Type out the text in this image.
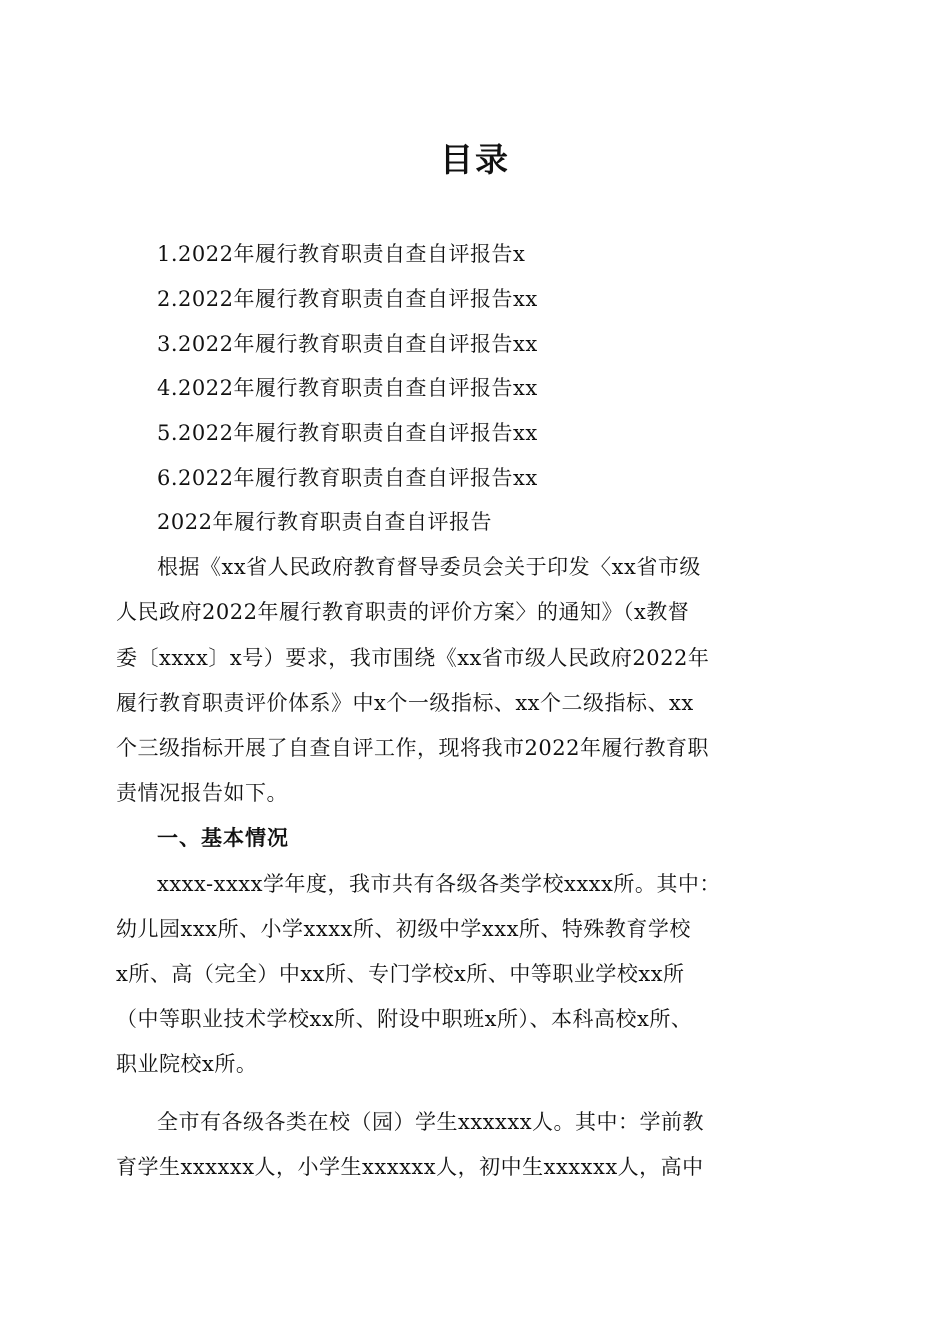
目录
1.2022年履行教育职责自查自评报告x
2.2022年履行教育职责自查自评报告xx
3.2022年履行教育职责自查自评报告xx
4.2022年履行教育职责自查自评报告xx
5.2022年履行教育职责自查自评报告xx
6.2022年履行教育职责自查自评报告xx
2022年履行教育职责自查自评报告
根据《xx省人民政府教育督导委员会关于印发〈xx省市级
人民政府2022年履行教育职责的评价方案〉的通知》（x教督
委〔xxxx〕x号）要求，我市围绕《xx省市级人民政府2022年
履行教育职责评价体系》中x个一级指标、xx个二级指标、xx
个三级指标开展了自查自评工作，现将我市2022年履行教育职
责情况报告如下。
一、基本情况
xxxx-xxxx学年度，我市共有各级各类学校xxxx所。其中：
幼儿园xxx所、小学xxxx所、初级中学xxx所、特殊教育学校
x所、高（完全）中xx所、专门学校x所、中等职业学校xx所
（中等职业技术学校xx所、附设中职班x所）、本科高校x所、
职业院校x所。
全市有各级各类在校（园）学生xxxxxx人。其中：学前教
育学生xxxxxx人，小学生xxxxxx人，初中生xxxxxx人，高中
